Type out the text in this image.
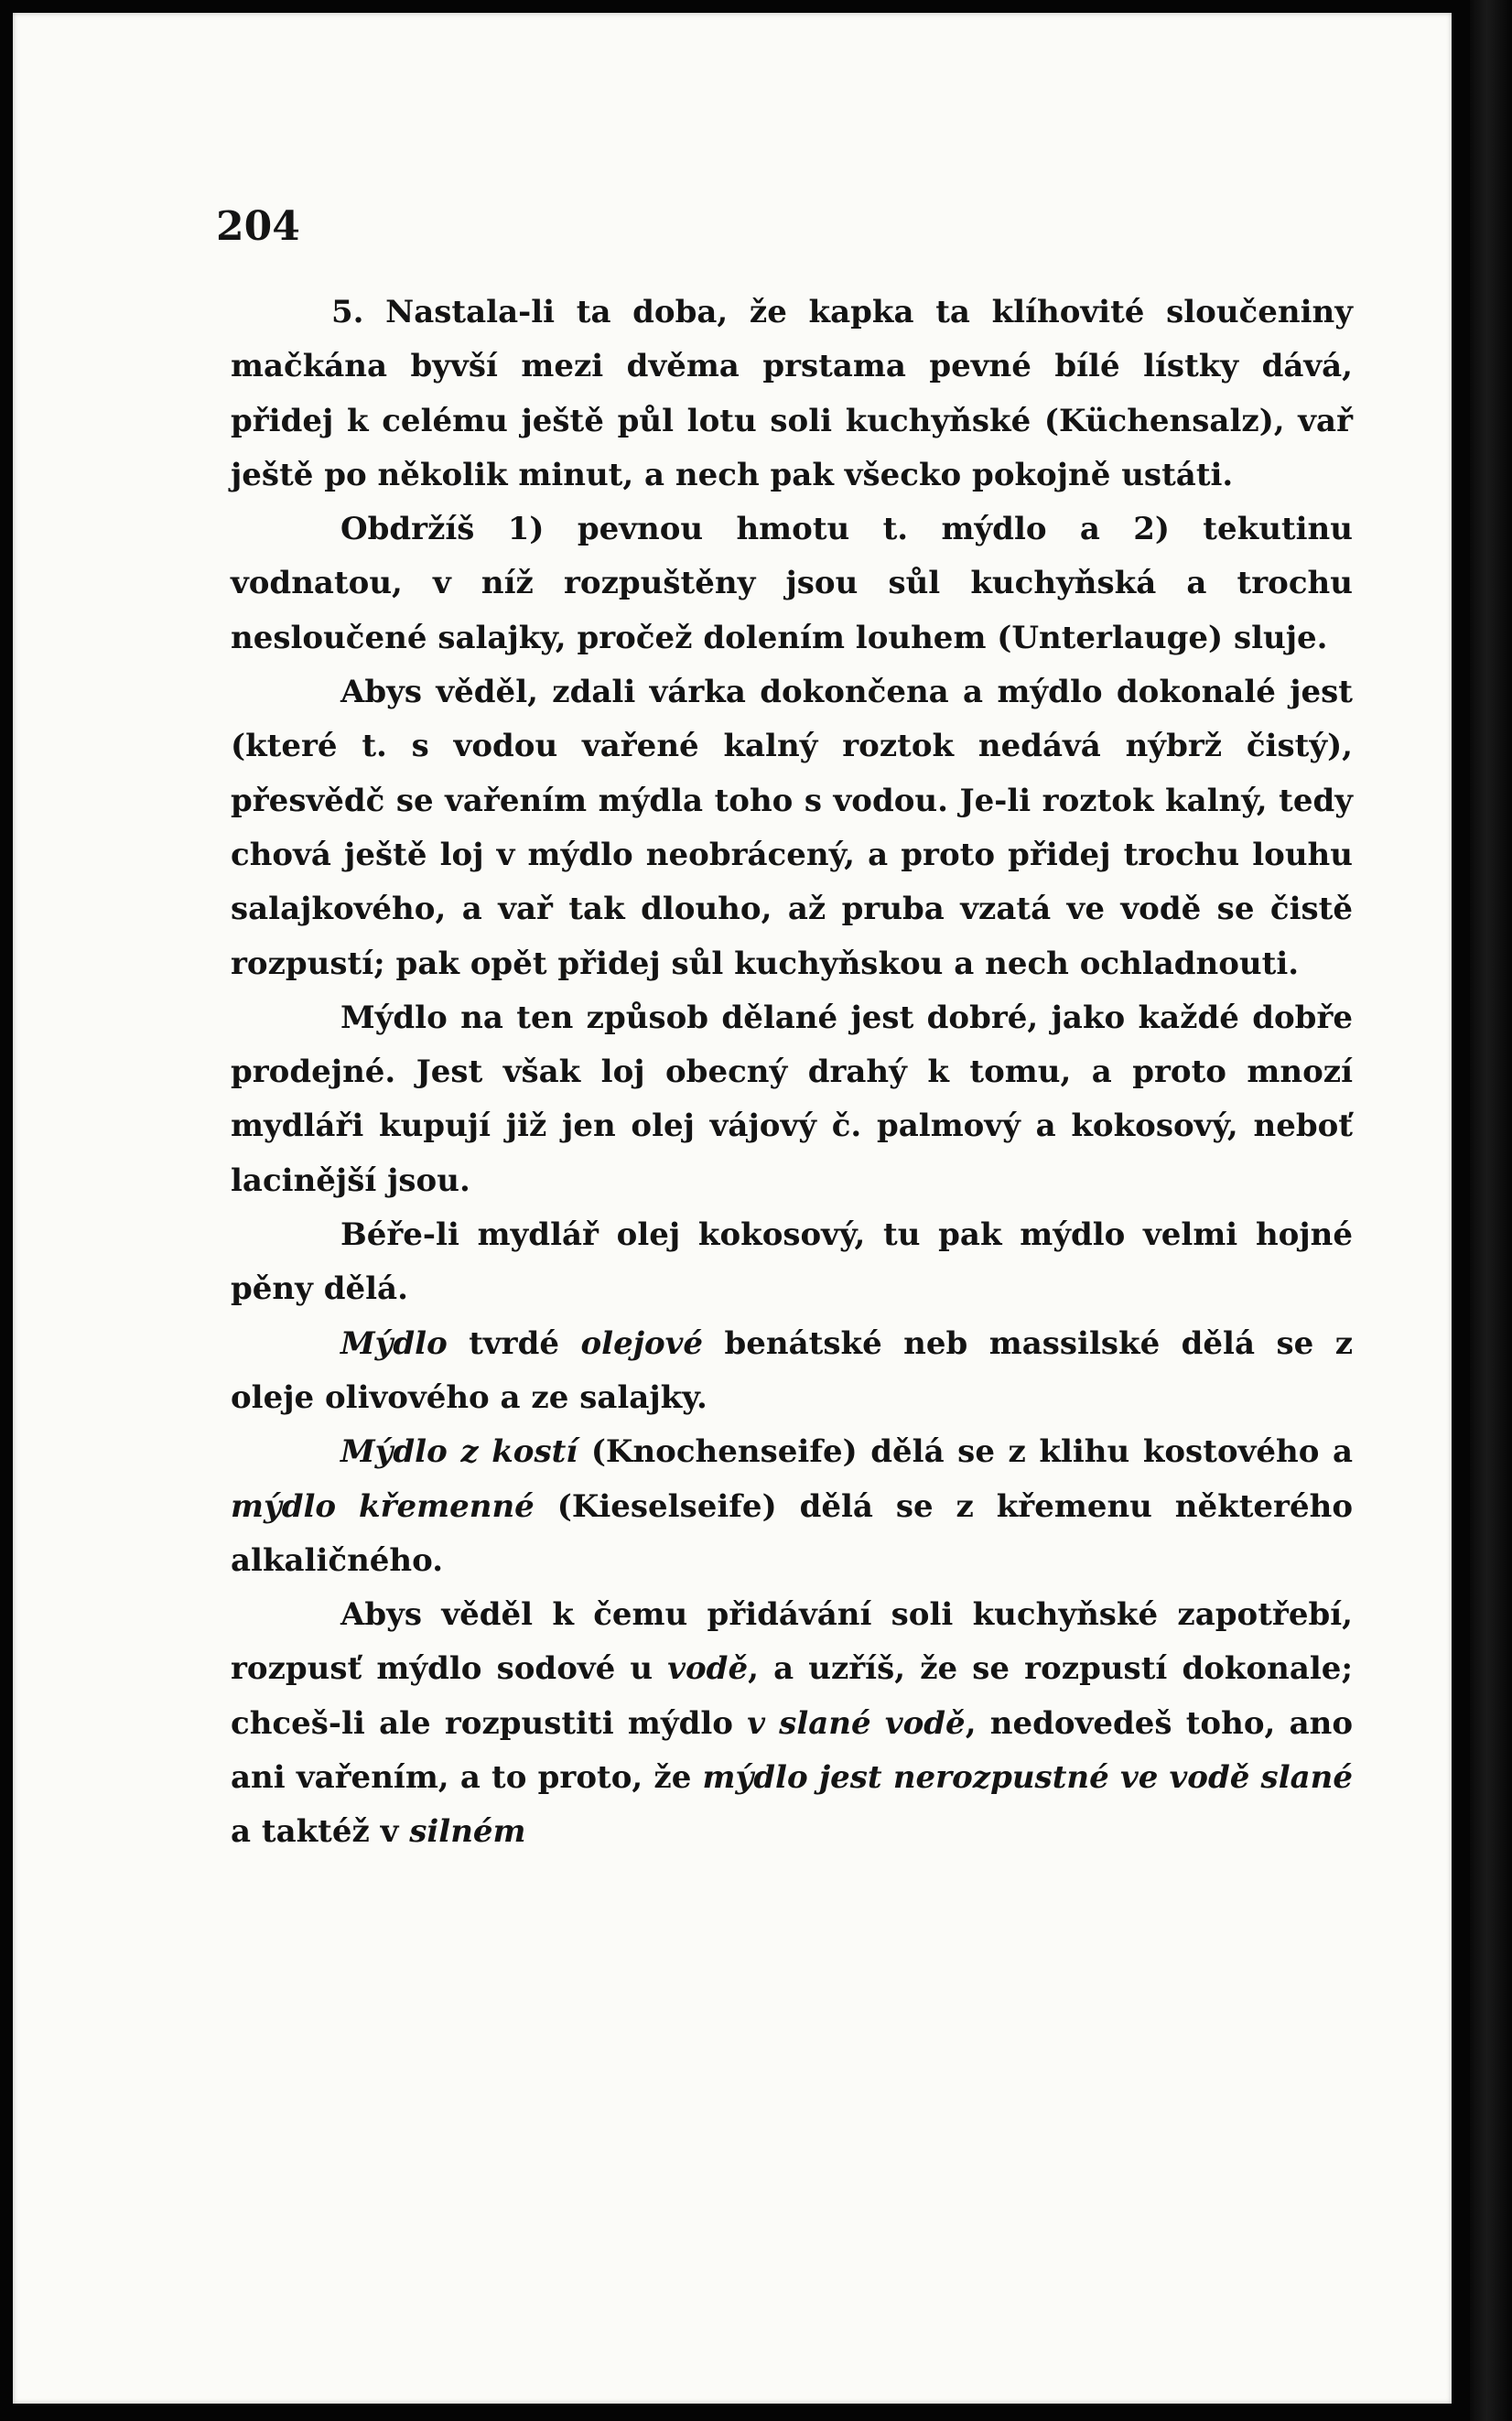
204

5. Nastala-li ta doba, že kapka ta klíhovité sloučeniny mačkána byvší mezi dvěma prstama pevné bílé lístky dává, přidej k celému ještě půl lotu soli kuchyňské (Küchensalz), vař ještě po několik minut, a nech pak všecko pokojně ustáti.

Obdržíš 1) pevnou hmotu t. mýdlo a 2) tekutinu vodnatou, v níž rozpuštěny jsou sůl kuchyňská a trochu nesloučené salajky, pročež dolením louhem (Unterlauge) sluje.

Abys věděl, zdali várka dokončena a mýdlo dokonalé jest (které t. s vodou vařené kalný roztok nedává nýbrž čistý), přesvědč se vařením mýdla toho s vodou. Je-li roztok kalný, tedy chová ještě loj v mýdlo neobrácený, a proto přidej trochu louhu salajkového, a vař tak dlouho, až pruba vzatá ve vodě se čistě rozpustí; pak opět přidej sůl kuchyňskou a nech ochladnouti.

Mýdlo na ten způsob dělané jest dobré, jako každé dobře prodejné. Jest však loj obecný drahý k tomu, a proto mnozí mydláři kupují již jen olej vájový č. palmový a kokosový, neboť lacinější jsou.

Béře-li mydlář olej kokosový, tu pak mýdlo velmi hojné pěny dělá.

Mýdlo tvrdé olejové benátské neb massilské dělá se z oleje olivového a ze salajky.

Mýdlo z kostí (Knochenseife) dělá se z klihu kostového a mýdlo křemenné (Kieselseife) dělá se z křemenu některého alkaličného.

Abys věděl k čemu přidávání soli kuchyňské zapotřebí, rozpusť mýdlo sodové u vodě, a uzříš, že se rozpustí dokonale; chceš-li ale rozpustiti mýdlo v slané vodě, nedovedeš toho, ano ani vařením, a to proto, že mýdlo jest nerozpustné ve vodě slané a taktéž v silném
